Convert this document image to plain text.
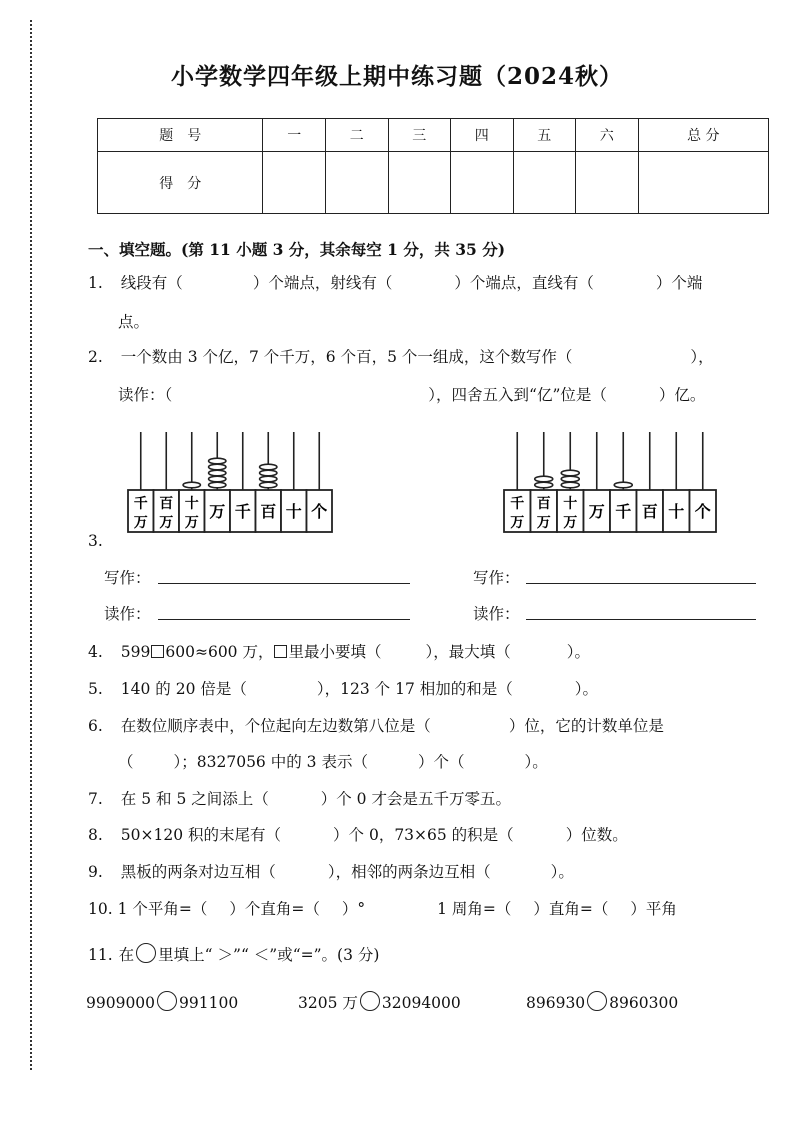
小学数学四年级上期中练习题（2024秋）
题　号	一	二	三	四	五	六	总 分
得　分							
一、填空题。(第 11 小题 3 分，其余每空 1 分，共 35 分)
1. 线段有（	）个端点，射线有（	）个端点，直线有（	）个端
点。
2. 一个数由 3 个亿，7 个千万，6 个百，5 个一组成，这个数写作（	），
读作：（	），四舍五入到“亿”位是（	）亿。
千
万
百
万
十
万
万 千 百 十 个	千
万
百
万
十
万
万 千 百 十 个
3.
写作：	写作：
读作：	读作：
4. 599 600≈600 万， 里最小要填（	），最大填（	）。
5. 140 的 20 倍是（	），123 个 17 相加的和是（	）。
6. 在数位顺序表中，个位起向左边数第八位是（	）位，它的计数单位是
（	）；8327056 中的 3 表示（	）个（	）。
7. 在 5 和 5 之间添上（	）个 0 才会是五千万零五。
8. 50×120 积的末尾有（	）个 0，73×65 的积是（	）位数。
9. 黑板的两条对边互相（	），相邻的两条边互相（	）。
10. 1 个平角=（ ）个直角=（ ）°	1 周角=（ ）直角=（ ）平角
11. 在 里填上“ ＞”“ ＜”或“=”。(3 分)
9909000 991100	3205 万 32094000	896930 8960300
